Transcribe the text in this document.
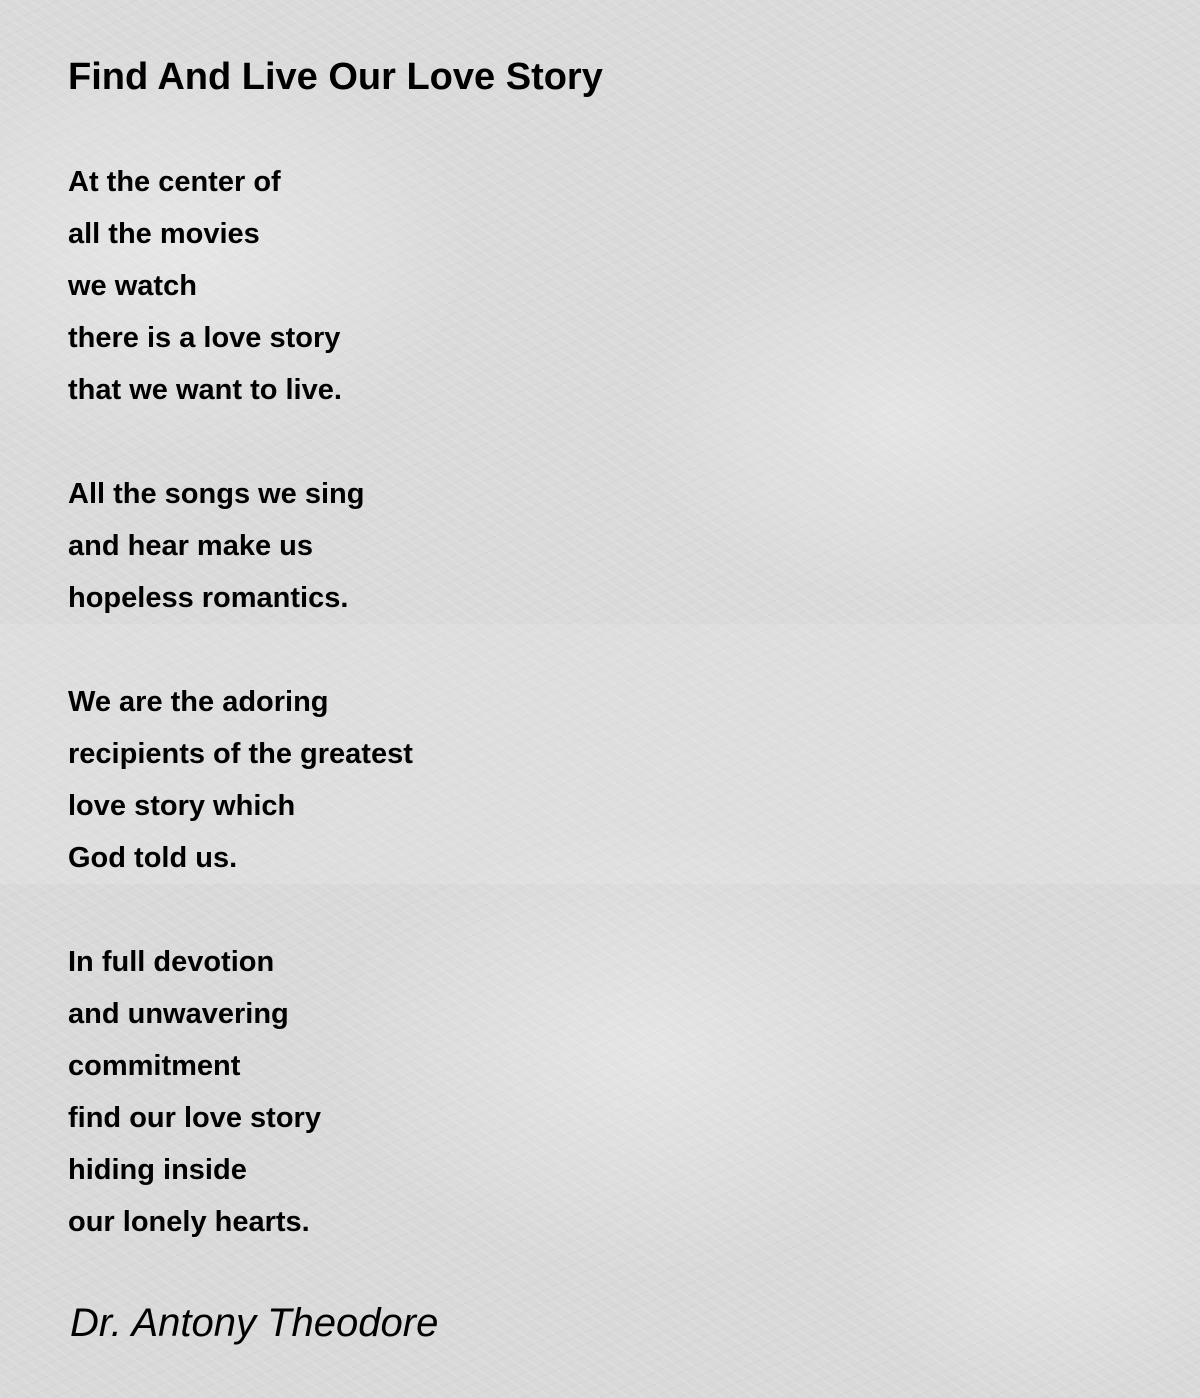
Find And Live Our Love Story
At the center of
all the movies
we watch
there is a love story
that we want to live.
All the songs we sing
and hear make us
hopeless romantics.
We are the adoring
recipients of the greatest
love story which
God told us.
In full devotion
and unwavering
commitment
find our love story
hiding inside
our lonely hearts.
Dr. Antony Theodore
